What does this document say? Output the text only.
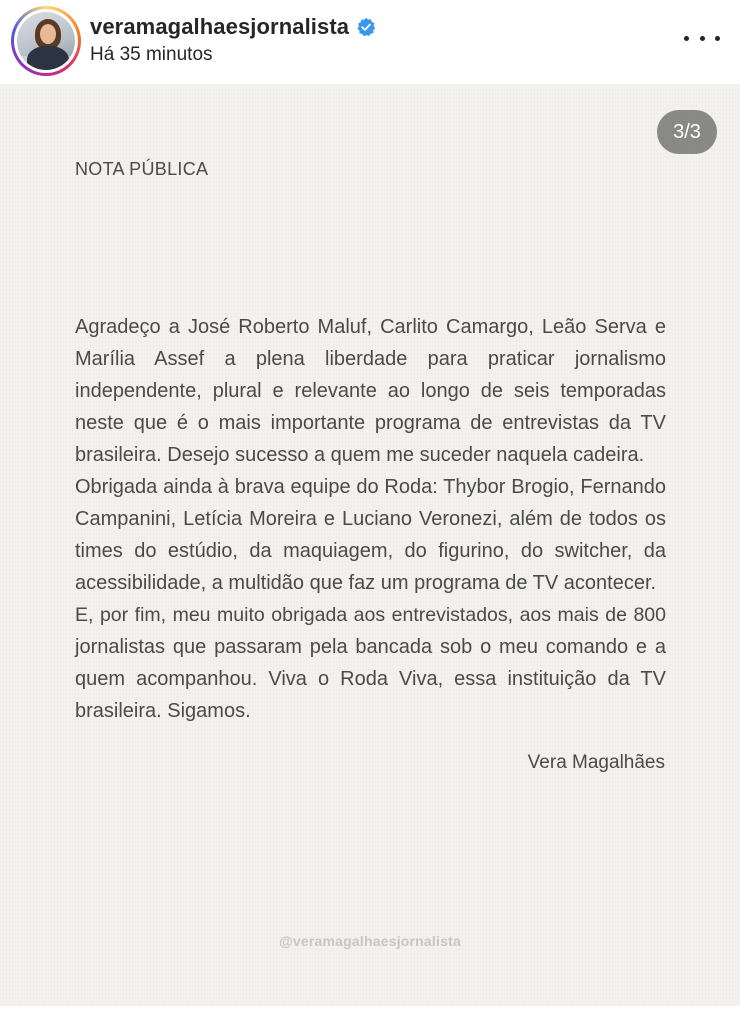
veramagalhaesjornalista
Há 35 minutos
3/3
NOTA PÚBLICA
Agradeço a José Roberto Maluf, Carlito Camargo, Leão Serva e
Marília Assef a plena liberdade para praticar jornalismo
independente, plural e relevante ao longo de seis temporadas
neste que é o mais importante programa de entrevistas da TV
brasileira. Desejo sucesso a quem me suceder naquela cadeira.
Obrigada ainda à brava equipe do Roda: Thybor Brogio, Fernando
Campanini, Letícia Moreira e Luciano Veronezi, além de todos os
times do estúdio, da maquiagem, do figurino, do switcher, da
acessibilidade, a multidão que faz um programa de TV acontecer.
E, por fim, meu muito obrigada aos entrevistados, aos mais de 800
jornalistas que passaram pela bancada sob o meu comando e a
quem acompanhou. Viva o Roda Viva, essa instituição da TV
brasileira. Sigamos.
Vera Magalhães
@veramagalhaesjornalista
